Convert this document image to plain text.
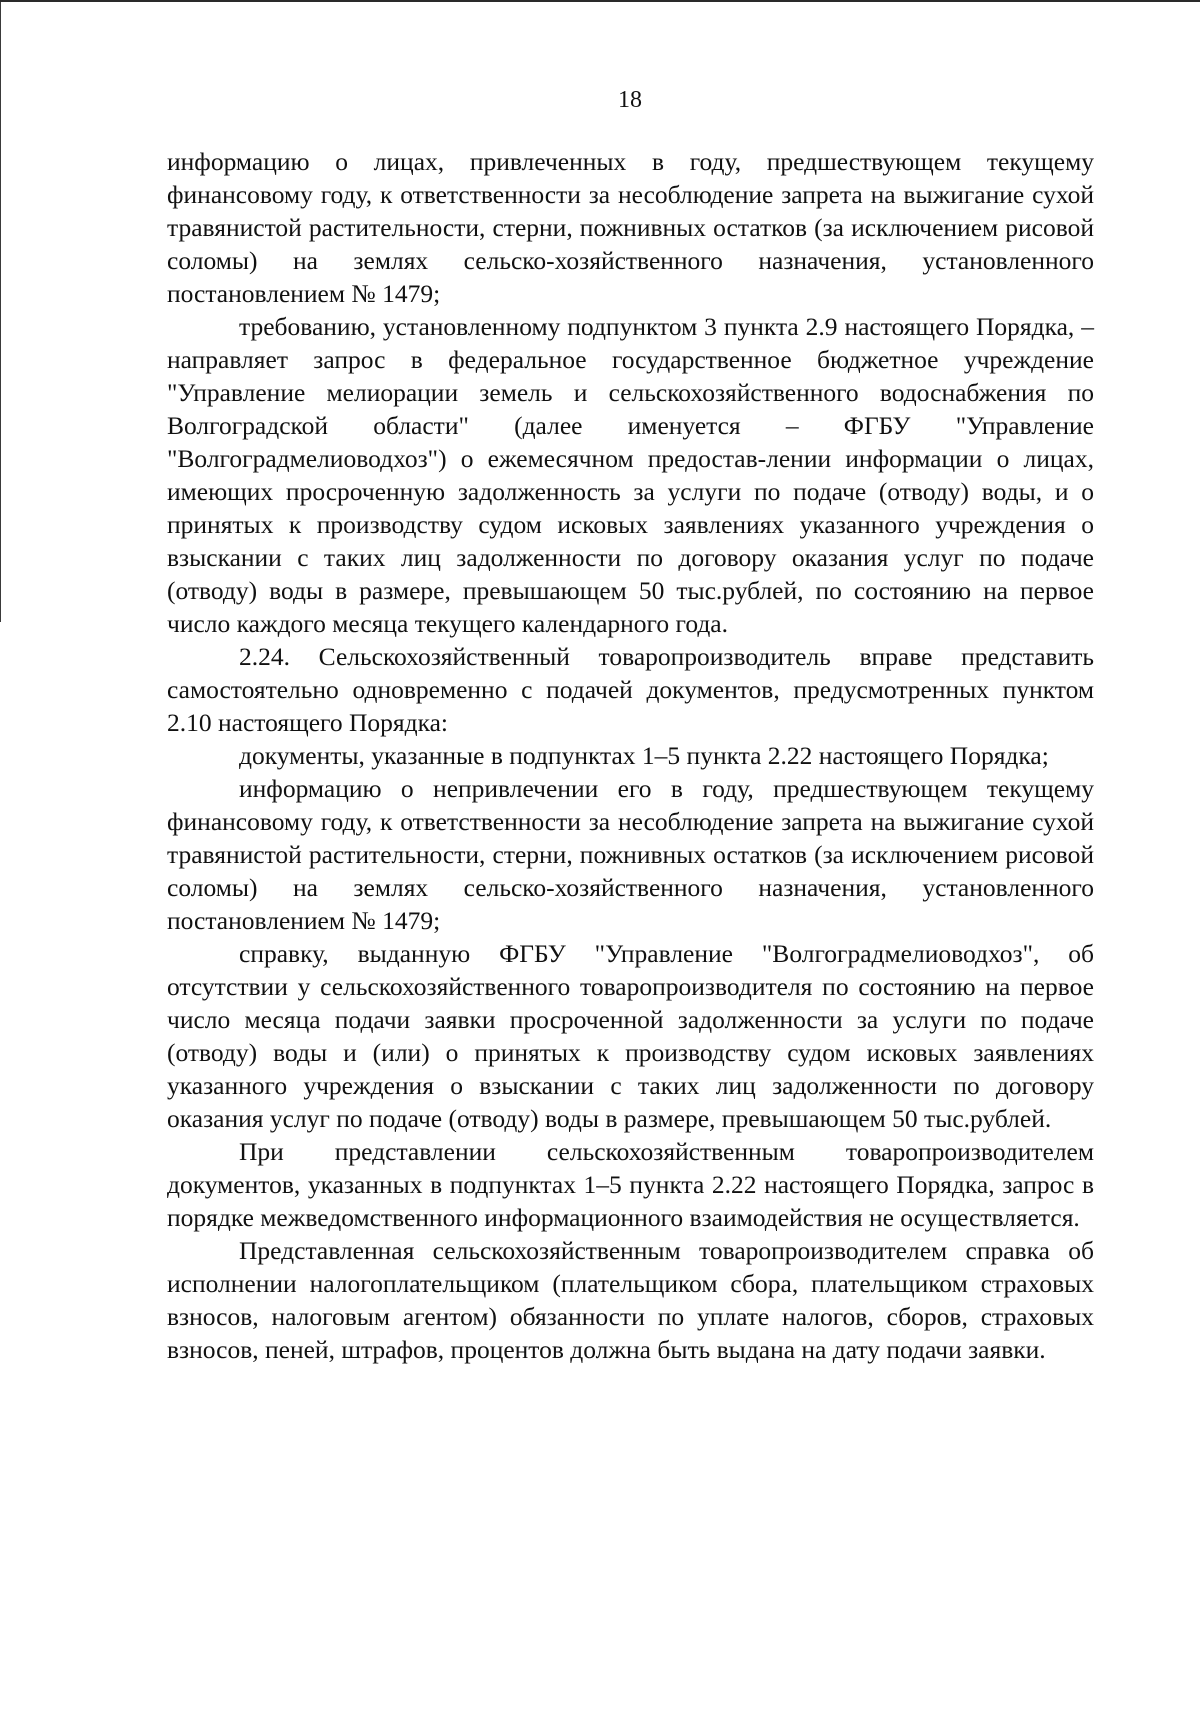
18

информацию о лицах, привлеченных в году, предшествующем текущему финансовому году, к ответственности за несоблюдение запрета на выжигание сухой травянистой растительности, стерни, пожнивных остатков (за исключением рисовой соломы) на землях сельско-хозяйственного назначения, установленного постановлением № 1479;

требованию, установленному подпунктом 3 пункта 2.9 настоящего Порядка, – направляет запрос в федеральное государственное бюджетное учреждение "Управление мелиорации земель и сельскохозяйственного водоснабжения по Волгоградской области" (далее именуется – ФГБУ "Управление "Волгоградмелиоводхоз") о ежемесячном предостав-лении информации о лицах, имеющих просроченную задолженность за услуги по подаче (отводу) воды, и о принятых к производству судом исковых заявлениях указанного учреждения о взыскании с таких лиц задолженности по договору оказания услуг по подаче (отводу) воды в размере, превышающем 50 тыс.рублей, по состоянию на первое число каждого месяца текущего календарного года.

2.24. Сельскохозяйственный товаропроизводитель вправе представить самостоятельно одновременно с подачей документов, предусмотренных пунктом 2.10 настоящего Порядка:

документы, указанные в подпунктах 1–5 пункта 2.22 настоящего Порядка;

информацию о непривлечении его в году, предшествующем текущему финансовому году, к ответственности за несоблюдение запрета на выжигание сухой травянистой растительности, стерни, пожнивных остатков (за исключением рисовой соломы) на землях сельско-хозяйственного назначения, установленного постановлением № 1479;

справку, выданную ФГБУ "Управление "Волгоградмелиоводхоз", об отсутствии у сельскохозяйственного товаропроизводителя по состоянию на первое число месяца подачи заявки просроченной задолженности за услуги по подаче (отводу) воды и (или) о принятых к производству судом исковых заявлениях указанного учреждения о взыскании с таких лиц задолженности по договору оказания услуг по подаче (отводу) воды в размере, превышающем 50 тыс.рублей.

При представлении сельскохозяйственным товаропроизводителем документов, указанных в подпунктах 1–5 пункта 2.22 настоящего Порядка, запрос в порядке межведомственного информационного взаимодействия не осуществляется.

Представленная сельскохозяйственным товаропроизводителем справка об исполнении налогоплательщиком (плательщиком сбора, плательщиком страховых взносов, налоговым агентом) обязанности по уплате налогов, сборов, страховых взносов, пеней, штрафов, процентов должна быть выдана на дату подачи заявки.
